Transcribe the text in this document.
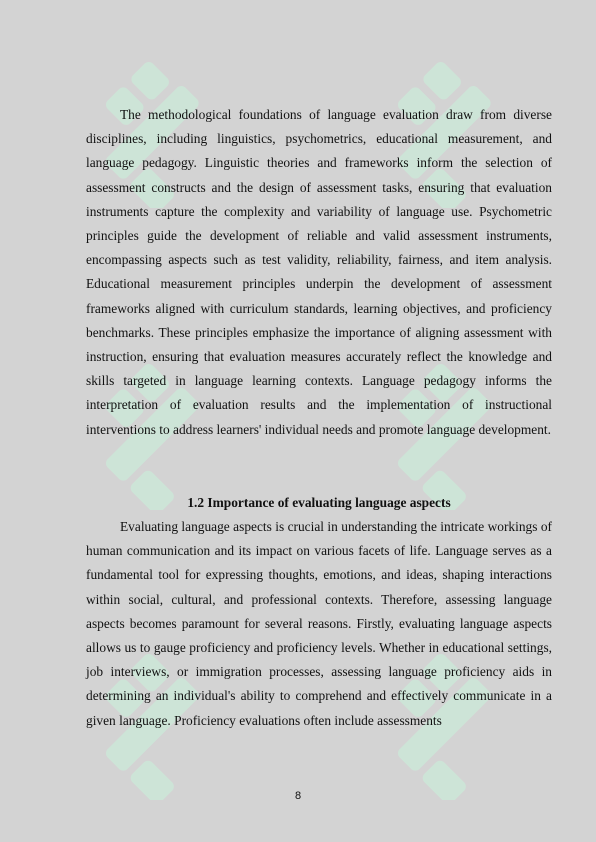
The methodological foundations of language evaluation draw from diverse disciplines, including linguistics, psychometrics, educational measurement, and language pedagogy. Linguistic theories and frameworks inform the selection of assessment constructs and the design of assessment tasks, ensuring that evaluation instruments capture the complexity and variability of language use. Psychometric principles guide the development of reliable and valid assessment instruments, encompassing aspects such as test validity, reliability, fairness, and item analysis. Educational measurement principles underpin the development of assessment frameworks aligned with curriculum standards, learning objectives, and proficiency benchmarks. These principles emphasize the importance of aligning assessment with instruction, ensuring that evaluation measures accurately reflect the knowledge and skills targeted in language learning contexts. Language pedagogy informs the interpretation of evaluation results and the implementation of instructional interventions to address learners' individual needs and promote language development.

1.2 Importance of evaluating language aspects

Evaluating language aspects is crucial in understanding the intricate workings of human communication and its impact on various facets of life. Language serves as a fundamental tool for expressing thoughts, emotions, and ideas, shaping interactions within social, cultural, and professional contexts. Therefore, assessing language aspects becomes paramount for several reasons. Firstly, evaluating language aspects allows us to gauge proficiency and proficiency levels. Whether in educational settings, job interviews, or immigration processes, assessing language proficiency aids in determining an individual's ability to comprehend and effectively communicate in a given language. Proficiency evaluations often include assessments

8
